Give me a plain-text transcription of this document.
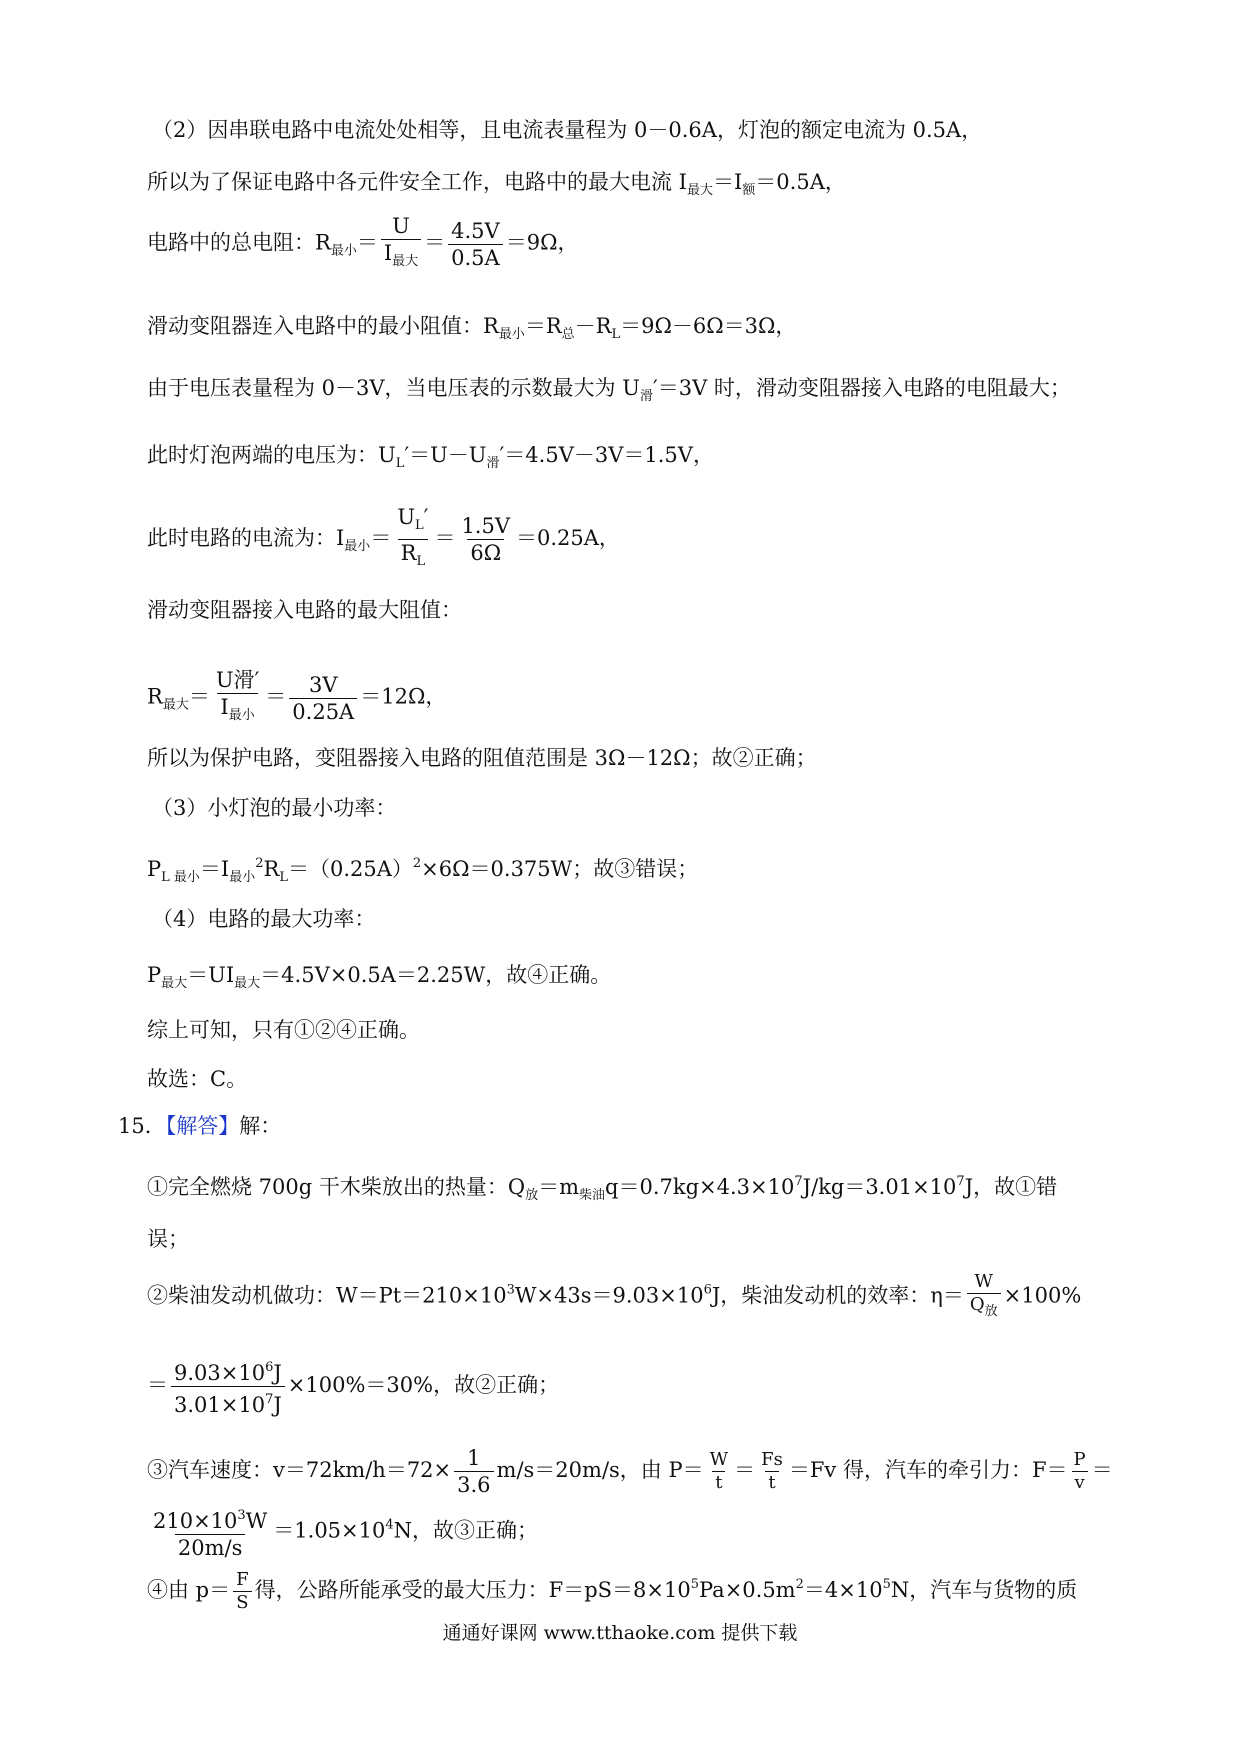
（2）因串联电路中电流处处相等，且电流表量程为 0－0.6A，灯泡的额定电流为 0.5A，
所以为了保证电路中各元件安全工作，电路中的最大电流 $I_{最大}=I_额=0.5A$，
电路中的总电阻：$R_{最小}=$
U
$I_{最大}$
＝ $\frac{4.5V}{0.5A} =9\Omega$，
滑动变阻器连入电路中的最小阻值：$R_{最小}=R_总-R_L=9\Omega-6\Omega=3\Omega$，
由于电压表量程为 0－3V，当电压表的示数最大为 $U_滑'=3V$ 时，滑动变阻器接入电路的电阻最大；
此时灯泡两端的电压为：$U_L'=U-U_滑'=4.5V-3V=1.5V$，
此时电路的电流为：$I_{最小}= \frac{U_L'}{R_L} = \frac{1.5V}{6\Omega} =0.25A$，
滑动变阻器接入电路的最大阻值：
$R_{最大}=$
U滑′
$I_{最小}$
＝ $\frac{3V}{0.25A} =12\Omega$，
所以为保护电路，变阻器接入电路的阻值范围是 3Ω－12Ω；故②正确；
（3）小灯泡的最小功率：
$P_{L 最小}=I_{最小}^2R_L=(0.25A)^2\times 6\Omega=0.375W$；故③错误；
（4）电路的最大功率：
$P_{最大}=UI_{最大}=4.5V\times 0.5A=2.25W$，故④正确。
综上可知，只有①②④正确。
故选：C。
15．【解答】解：
①完全燃烧 700g 干木柴放出的热量：$Q_放=m_{柴油}q=0.7kg\times 4.3\times 10^7J/kg=3.01\times 10^7J$，故①错
误；
②柴油发动机做功：$W=Pt=210\times 10^3W\times 43s=9.03\times 10^6J$，柴油发动机的效率：η＝
W
$Q_放$
×100%
＝ $\frac{9.03\times 10^6J}{3.01\times 10^7J} \times 100\%=30\%$，故②正确；
③汽车速度：$v=72km/h=72\times \frac{1}{3.6} m/s=20m/s$，由 $P= \frac{W}{t} = \frac{Fs}{t} =Fv$ 得，汽车的牵引力：$F= \frac{P}{v}$ ＝
$\frac{210\times 10^3W}{20m/s} =1.05\times 10^4N$，故③正确；
④由 $p= \frac{F}{S}$ 得，公路所能承受的最大压力：$F=pS=8\times 10^5Pa\times 0.5m^2=4\times 10^5N$，汽车与货物的质
通通好课网 www.tthaoke.com 提供下载
